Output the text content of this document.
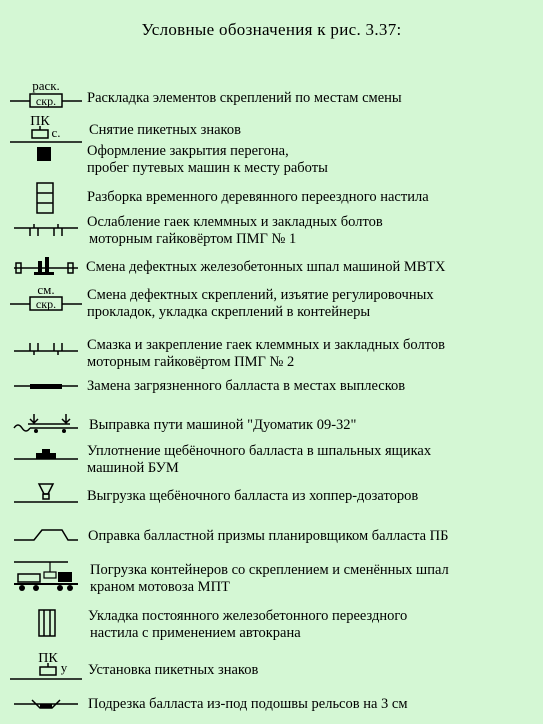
Условные обозначения к рис. 3.37:
раск.
скр. Раскладка элементов скреплений по местам смены
ПК
с. Снятие пикетных знаков
Оформление закрытия перегона,
пробег путевых машин к месту работы
Разборка временного деревянного переездного настила
Ослабление гаек клеммных и закладных болтов
моторным гайковёртом ПМГ № 1
Смена дефектных железобетонных шпал машиной МВТХ
см.
скр.
Смена дефектных скреплений, изъятие регулировочных
прокладок, укладка скреплений в контейнеры
Смазка и закрепление гаек клеммных и закладных болтов
моторным гайковёртом ПМГ № 2
Замена загрязненного балласта в местах выплесков
Выправка пути машиной "Дуоматик 09-32"
Уплотнение щебёночного балласта в шпальных ящиках
машиной БУМ
Выгрузка щебёночного балласта из хоппер-дозаторов
Оправка балластной призмы планировщиком балласта ПБ
Погрузка контейнеров со скреплением и сменённых шпал
краном мотовоза МПТ
Укладка постоянного железобетонного переездного
настила с применением автокрана
ПК
у Установка пикетных знаков
Подрезка балласта из-под подошвы рельсов на 3 см
